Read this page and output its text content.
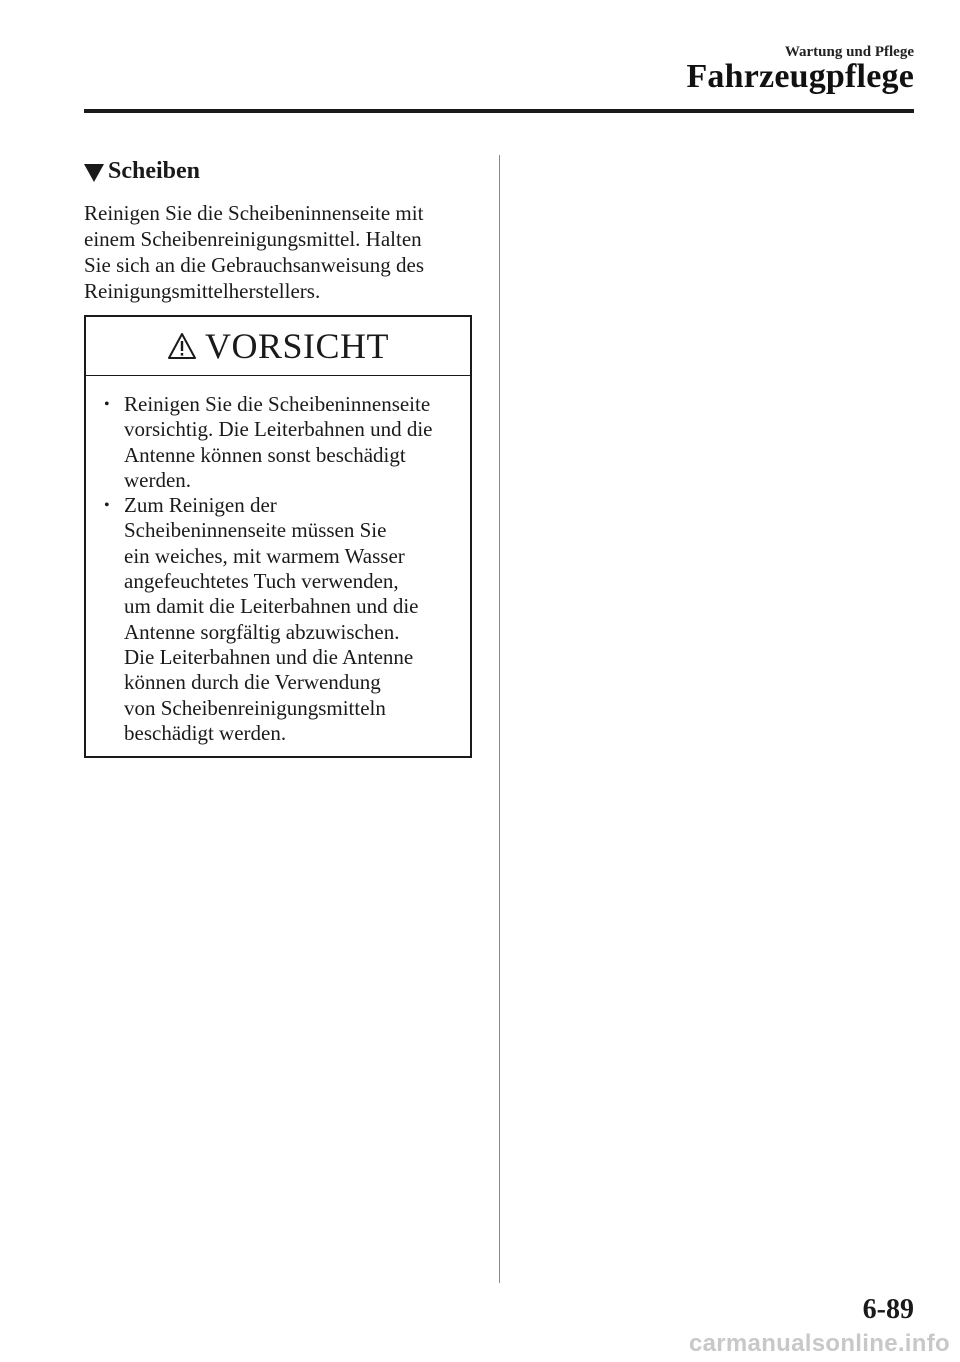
Wartung und Pflege
Fahrzeugpflege
Scheiben
Reinigen Sie die Scheibeninnenseite mit
einem Scheibenreinigungsmittel. Halten
Sie sich an die Gebrauchsanweisung des
Reinigungsmittelherstellers.
VORSICHT
• Reinigen Sie die Scheibeninnenseite
vorsichtig. Die Leiterbahnen und die
Antenne können sonst beschädigt
werden.
• Zum Reinigen der
Scheibeninnenseite müssen Sie
ein weiches, mit warmem Wasser
angefeuchtetes Tuch verwenden,
um damit die Leiterbahnen und die
Antenne sorgfältig abzuwischen.
Die Leiterbahnen und die Antenne
können durch die Verwendung
von Scheibenreinigungsmitteln
beschädigt werden.
6-89
carmanualsonline.info
